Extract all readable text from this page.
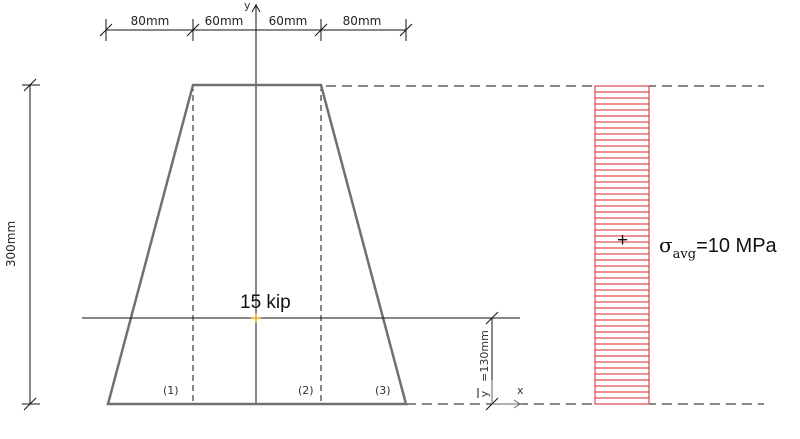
80mm	60mm 60mm	80mm
y
300mm
15 kip
=130mm
y x
(1)	(2)	(3)
+ $\sigma_{avg}=10$ MPa
